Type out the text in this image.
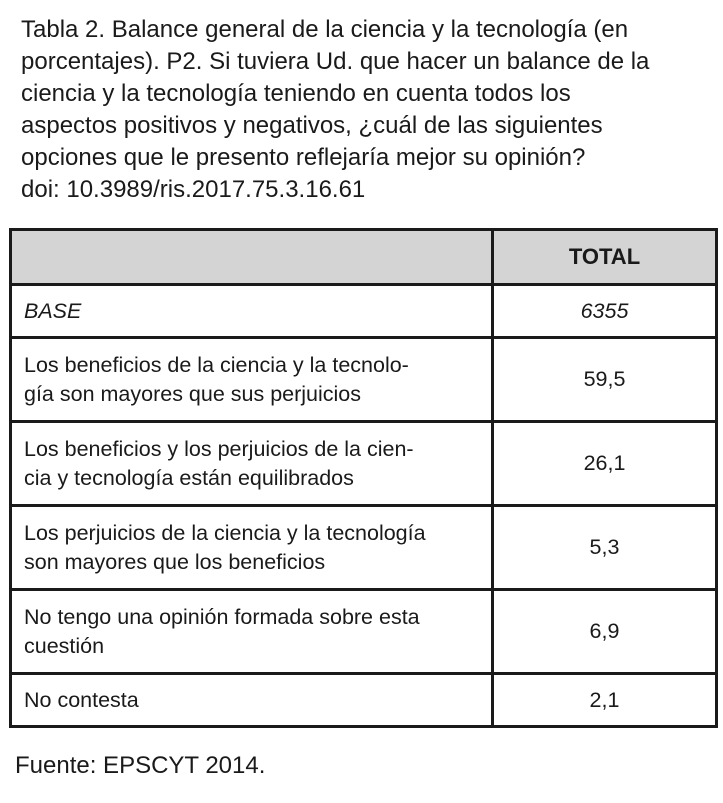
Tabla 2. Balance general de la ciencia y la tecnología (en
porcentajes). P2. Si tuviera Ud. que hacer un balance de la
ciencia y la tecnología teniendo en cuenta todos los
aspectos positivos y negativos, ¿cuál de las siguientes
opciones que le presento reflejaría mejor su opinión?
doi: 10.3989/ris.2017.75.3.16.61

	TOTAL
BASE	6355
Los beneficios de la ciencia y la tecnolo-
gía son mayores que sus perjuicios	59,5
Los beneficios y los perjuicios de la cien-
cia y tecnología están equilibrados	26,1
Los perjuicios de la ciencia y la tecnología
son mayores que los beneficios	5,3
No tengo una opinión formada sobre esta
cuestión	6,9
No contesta	2,1

Fuente: EPSCYT 2014.
